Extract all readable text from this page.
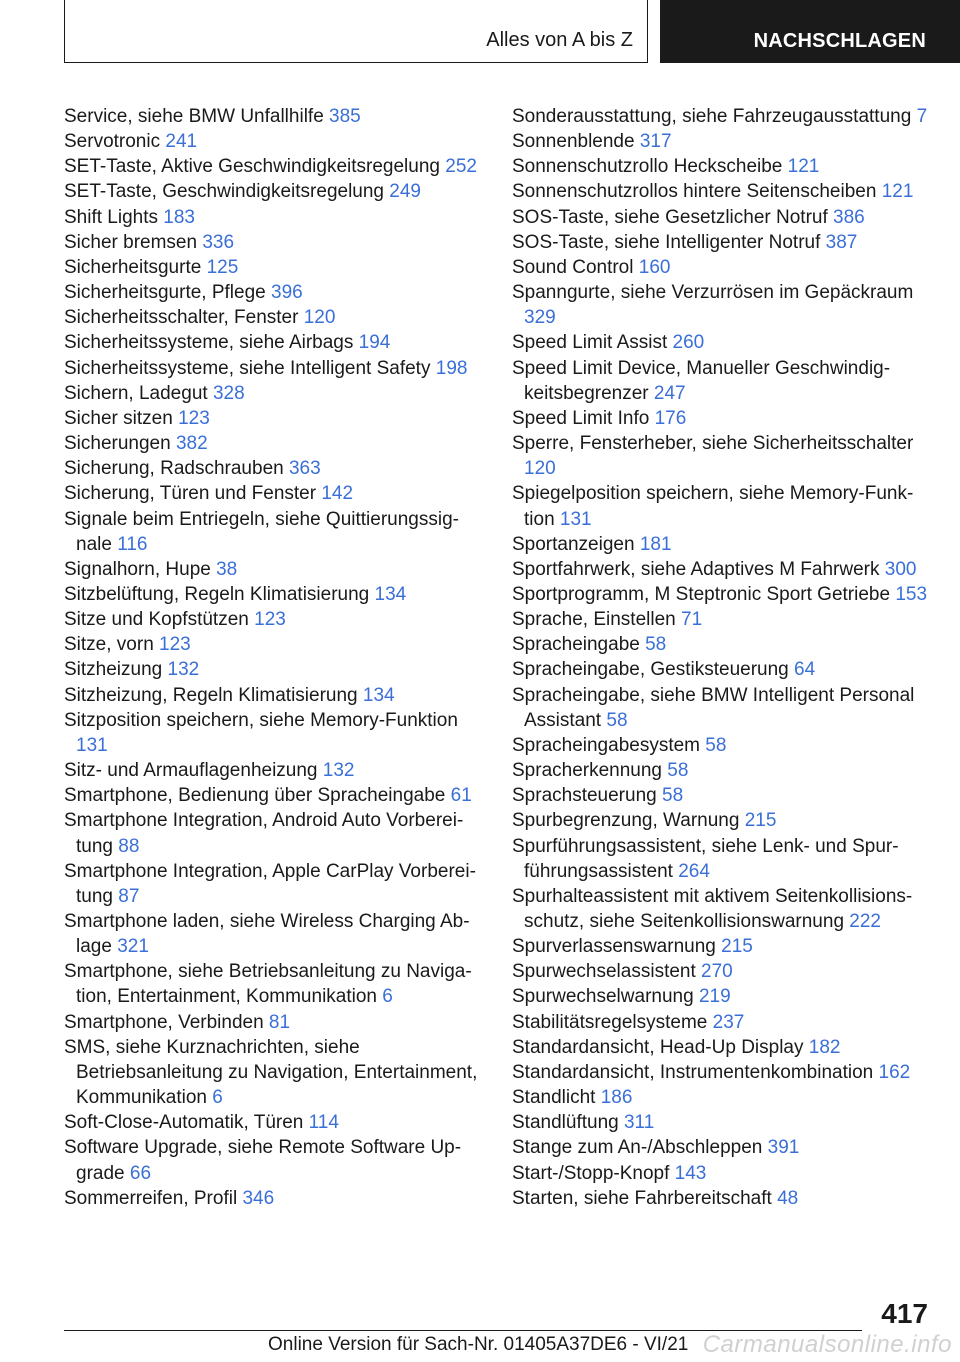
Alles von A bis Z	NACHSCHLAGEN
Service, siehe BMW Unfallhilfe 385
Servotronic 241
SET-Taste, Aktive Geschwindigkeitsregelung 252
SET-Taste, Geschwindigkeitsregelung 249
Shift Lights 183
Sicher bremsen 336
Sicherheitsgurte 125
Sicherheitsgurte, Pflege 396
Sicherheitsschalter, Fenster 120
Sicherheitssysteme, siehe Airbags 194
Sicherheitssysteme, siehe Intelligent Safety 198
Sichern, Ladegut 328
Sicher sitzen 123
Sicherungen 382
Sicherung, Radschrauben 363
Sicherung, Türen und Fenster 142
Signale beim Entriegeln, siehe Quittierungssignale 116
Signalhorn, Hupe 38
Sitzbelüftung, Regeln Klimatisierung 134
Sitze und Kopfstützen 123
Sitze, vorn 123
Sitzheizung 132
Sitzheizung, Regeln Klimatisierung 134
Sitzposition speichern, siehe Memory-Funktion 131
Sitz- und Armauflagenheizung 132
Smartphone, Bedienung über Spracheingabe 61
Smartphone Integration, Android Auto Vorbereitung 88
Smartphone Integration, Apple CarPlay Vorbereitung 87
Smartphone laden, siehe Wireless Charging Ablage 321
Smartphone, siehe Betriebsanleitung zu Navigation, Entertainment, Kommunikation 6
Smartphone, Verbinden 81
SMS, siehe Kurznachrichten, siehe Betriebsanleitung zu Navigation, Entertainment, Kommunikation 6
Soft-Close-Automatik, Türen 114
Software Upgrade, siehe Remote Software Upgrade 66
Sommerreifen, Profil 346
Sonderausstattung, siehe Fahrzeugausstattung 7
Sonnenblende 317
Sonnenschutzrollo Heckscheibe 121
Sonnenschutzrollos hintere Seitenscheiben 121
SOS-Taste, siehe Gesetzlicher Notruf 386
SOS-Taste, siehe Intelligenter Notruf 387
Sound Control 160
Spanngurte, siehe Verzurrösen im Gepäckraum 329
Speed Limit Assist 260
Speed Limit Device, Manueller Geschwindigkeitsbegrenzer 247
Speed Limit Info 176
Sperre, Fensterheber, siehe Sicherheitsschalter 120
Spiegelposition speichern, siehe Memory-Funktion 131
Sportanzeigen 181
Sportfahrwerk, siehe Adaptives M Fahrwerk 300
Sportprogramm, M Steptronic Sport Getriebe 153
Sprache, Einstellen 71
Spracheingabe 58
Spracheingabe, Gestiksteuerung 64
Spracheingabe, siehe BMW Intelligent Personal Assistant 58
Spracheingabesystem 58
Spracherkennung 58
Sprachsteuerung 58
Spurbegrenzung, Warnung 215
Spurführungsassistent, siehe Lenk- und Spurführungsassistent 264
Spurhalteassistent mit aktivem Seitenkollisionsschutz, siehe Seitenkollisionswarnung 222
Spurverlassenswarnung 215
Spurwechselassistent 270
Spurwechselwarnung 219
Stabilitätsregelsysteme 237
Standardansicht, Head-Up Display 182
Standardansicht, Instrumentenkombination 162
Standlicht 186
Standlüftung 311
Stange zum An-/Abschleppen 391
Start-/Stopp-Knopf 143
Starten, siehe Fahrbereitschaft 48
417
Online Version für Sach-Nr. 01405A37DE6 - VI/21 Carmanualsonline.info
